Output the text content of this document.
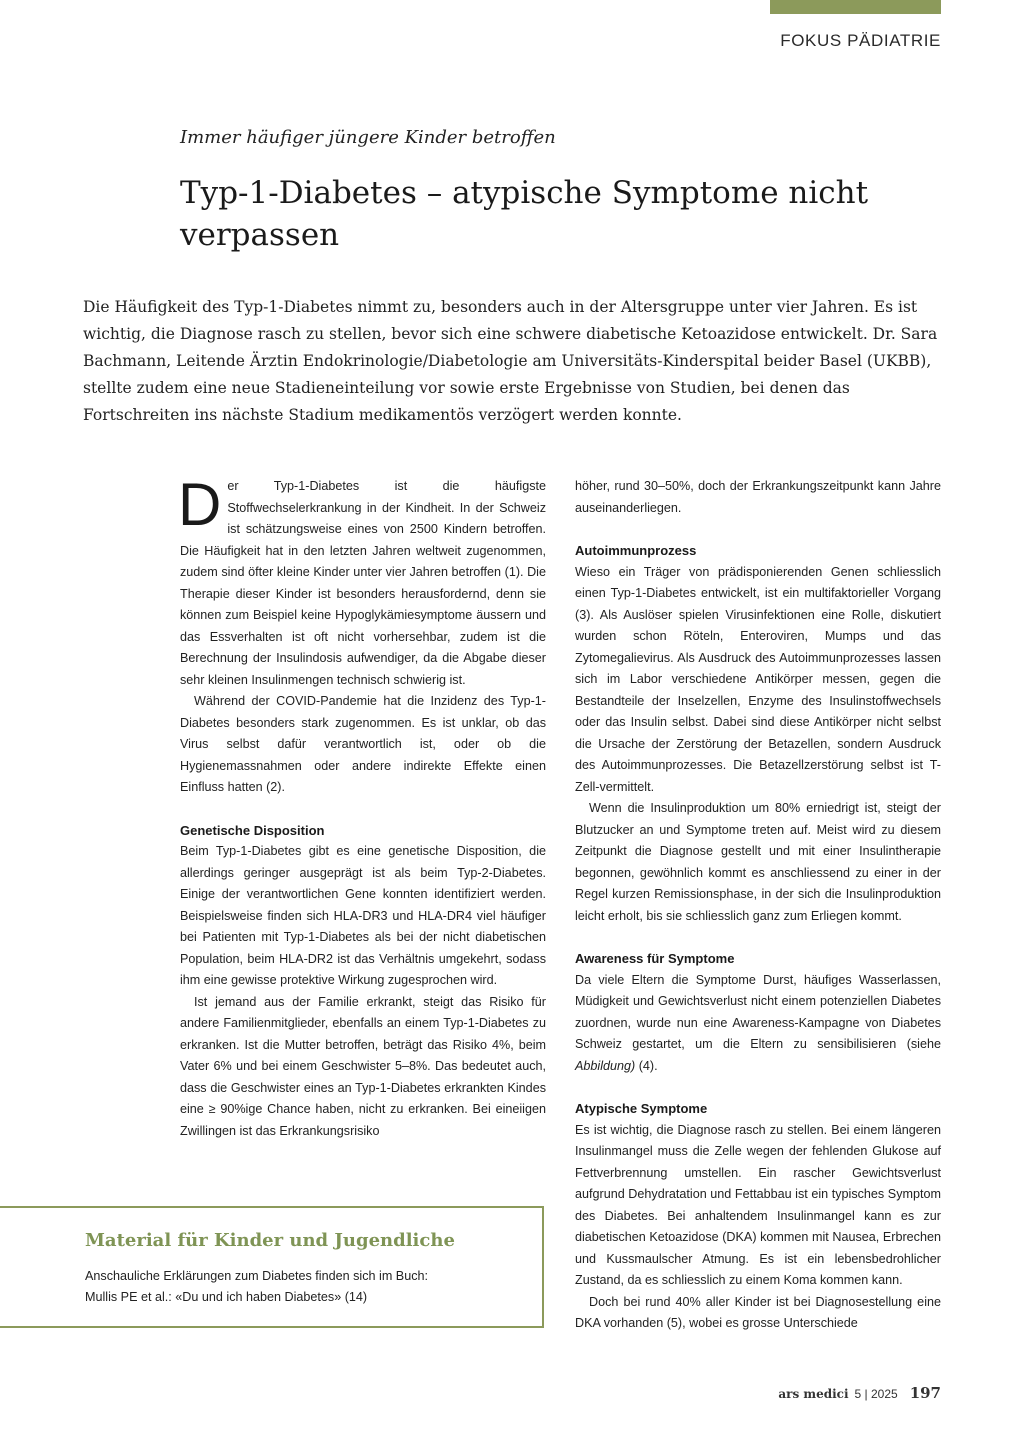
FOKUS PÄDIATRIE
Immer häufiger jüngere Kinder betroffen
Typ-1-Diabetes – atypische Symptome nicht verpassen

Die Häufigkeit des Typ-1-Diabetes nimmt zu, besonders auch in der Altersgruppe unter vier Jahren. Es ist wichtig, die Diagnose rasch zu stellen, bevor sich eine schwere diabetische Ketoazidose entwickelt. Dr. Sara Bachmann, Leitende Ärztin Endokrinologie/Diabetologie am Universitäts-Kinderspital beider Basel (UKBB), stellte zudem eine neue Stadieneinteilung vor sowie erste Ergebnisse von Studien, bei denen das Fortschreiten ins nächste Stadium medikamentös verzögert werden konnte.

Der Typ-1-Diabetes ist die häufigste Stoffwechselerkrankung in der Kindheit. In der Schweiz ist schätzungsweise eines von 2500 Kindern betroffen. Die Häufigkeit hat in den letzten Jahren weltweit zugenommen, zudem sind öfter kleine Kinder unter vier Jahren betroffen (1). Die Therapie dieser Kinder ist besonders herausfordernd, denn sie können zum Beispiel keine Hypoglykämiesymptome äussern und das Essverhalten ist oft nicht vorhersehbar, zudem ist die Berechnung der Insulindosis aufwendiger, da die Abgabe dieser sehr kleinen Insulinmengen technisch schwierig ist.

Während der COVID-Pandemie hat die Inzidenz des Typ-1-Diabetes besonders stark zugenommen. Es ist unklar, ob das Virus selbst dafür verantwortlich ist, oder ob die Hygienemassnahmen oder andere indirekte Effekte einen Einfluss hatten (2).

Genetische Disposition

Beim Typ-1-Diabetes gibt es eine genetische Disposition, die allerdings geringer ausgeprägt ist als beim Typ-2-Diabetes. Einige der verantwortlichen Gene konnten identifiziert werden. Beispielsweise finden sich HLA-DR3 und HLA-DR4 viel häufiger bei Patienten mit Typ-1-Diabetes als bei der nicht diabetischen Population, beim HLA-DR2 ist das Verhältnis umgekehrt, sodass ihm eine gewisse protektive Wirkung zugesprochen wird.

Ist jemand aus der Familie erkrankt, steigt das Risiko für andere Familienmitglieder, ebenfalls an einem Typ-1-Diabetes zu erkranken. Ist die Mutter betroffen, beträgt das Risiko 4%, beim Vater 6% und bei einem Geschwister 5–8%. Das bedeutet auch, dass die Geschwister eines an Typ-1-Diabetes erkrankten Kindes eine ≥ 90%ige Chance haben, nicht zu erkranken. Bei eineiigen Zwillingen ist das Erkrankungsrisiko

höher, rund 30–50%, doch der Erkrankungszeitpunkt kann Jahre auseinanderliegen.

Autoimmunprozess

Wieso ein Träger von prädisponierenden Genen schliesslich einen Typ-1-Diabetes entwickelt, ist ein multifaktorieller Vorgang (3). Als Auslöser spielen Virusinfektionen eine Rolle, diskutiert wurden schon Röteln, Enteroviren, Mumps und das Zytomegalievirus. Als Ausdruck des Autoimmunprozesses lassen sich im Labor verschiedene Antikörper messen, gegen die Bestandteile der Inselzellen, Enzyme des Insulinstoffwechsels oder das Insulin selbst. Dabei sind diese Antikörper nicht selbst die Ursache der Zerstörung der Betazellen, sondern Ausdruck des Autoimmunprozesses. Die Betazellzerstörung selbst ist T-Zell-vermittelt.

Wenn die Insulinproduktion um 80% erniedrigt ist, steigt der Blutzucker an und Symptome treten auf. Meist wird zu diesem Zeitpunkt die Diagnose gestellt und mit einer Insulintherapie begonnen, gewöhnlich kommt es anschliessend zu einer in der Regel kurzen Remissionsphase, in der sich die Insulinproduktion leicht erholt, bis sie schliesslich ganz zum Erliegen kommt.

Awareness für Symptome

Da viele Eltern die Symptome Durst, häufiges Wasserlassen, Müdigkeit und Gewichtsverlust nicht einem potenziellen Diabetes zuordnen, wurde nun eine Awareness-Kampagne von Diabetes Schweiz gestartet, um die Eltern zu sensibilisieren (siehe Abbildung) (4).

Atypische Symptome

Es ist wichtig, die Diagnose rasch zu stellen. Bei einem längeren Insulinmangel muss die Zelle wegen der fehlenden Glukose auf Fettverbrennung umstellen. Ein rascher Gewichtsverlust aufgrund Dehydratation und Fettabbau ist ein typisches Symptom des Diabetes. Bei anhaltendem Insulinmangel kann es zur diabetischen Ketoazidose (DKA) kommen mit Nausea, Erbrechen und Kussmaulscher Atmung. Es ist ein lebensbedrohlicher Zustand, da es schliesslich zu einem Koma kommen kann.

Doch bei rund 40% aller Kinder ist bei Diagnosestellung eine DKA vorhanden (5), wobei es grosse Unterschiede

Material für Kinder und Jugendliche
Anschauliche Erklärungen zum Diabetes finden sich im Buch:
Mullis PE et al.: «Du und ich haben Diabetes» (14)
ars medici 5 | 2025 197
